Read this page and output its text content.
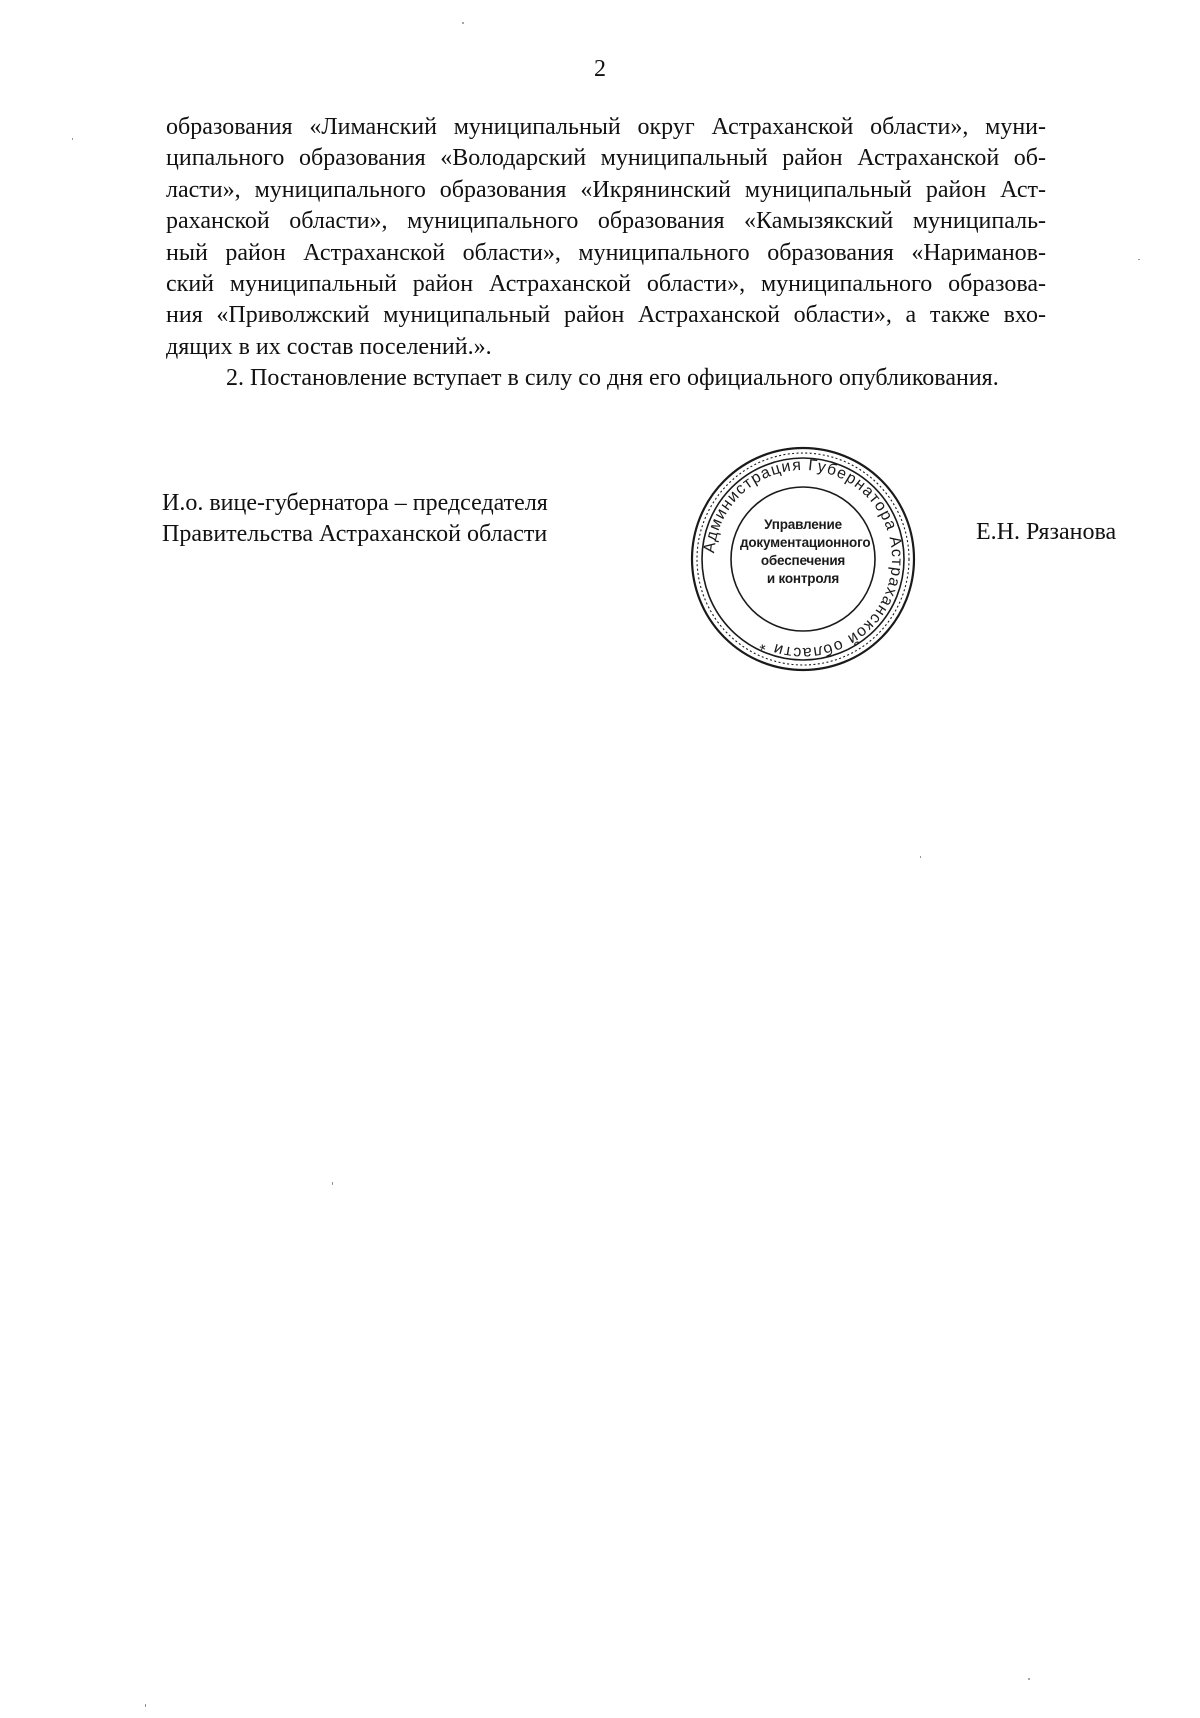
2
образования «Лиманский муниципальный округ Астраханской области», муни-
ципального образования «Володарский муниципальный район Астраханской об-
ласти», муниципального образования «Икрянинский муниципальный район Аст-
раханской области», муниципального образования «Камызякский муниципаль-
ный район Астраханской области», муниципального образования «Нариманов-
ский муниципальный район Астраханской области», муниципального образова-
ния «Приволжский муниципальный район Астраханской области», а также вхо-
дящих в их состав поселений.».
2. Постановление вступает в силу со дня его официального опубликования.
И.о. вице-губернатора – председателя
Правительства Астраханской области	Е.Н. Рязанова
Администрация Губернатора Астраханской области *
Управление
документационного
обеспечения
и контроля
